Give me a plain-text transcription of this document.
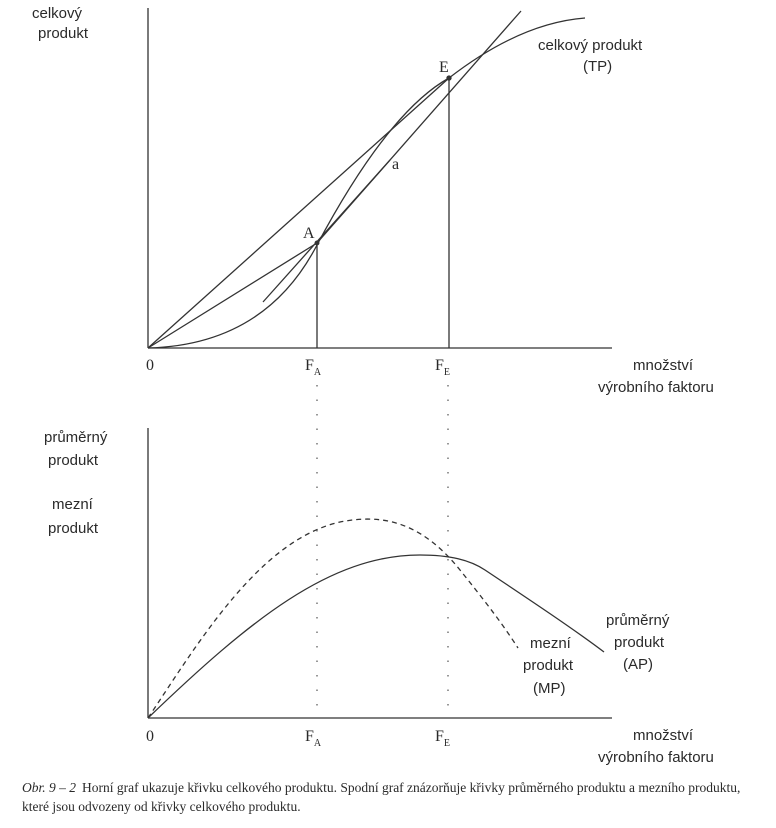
celkový
produkt
celkový produkt
(TP)
E
a
A
0	$F_A$	$F_E$	množství
výrobního faktoru
průměrný
produkt
mezní
produkt
průměrný
produkt
(AP)
mezní
produkt
(MP)
0	$F_A$	$F_E$	množství
výrobního faktoru
Obr. 9 – 2 Horní graf ukazuje křivku celkového produktu. Spodní graf znázorňuje křivky průměrného produktu a mezního produktu, které jsou odvozeny od křivky celkového produktu.
